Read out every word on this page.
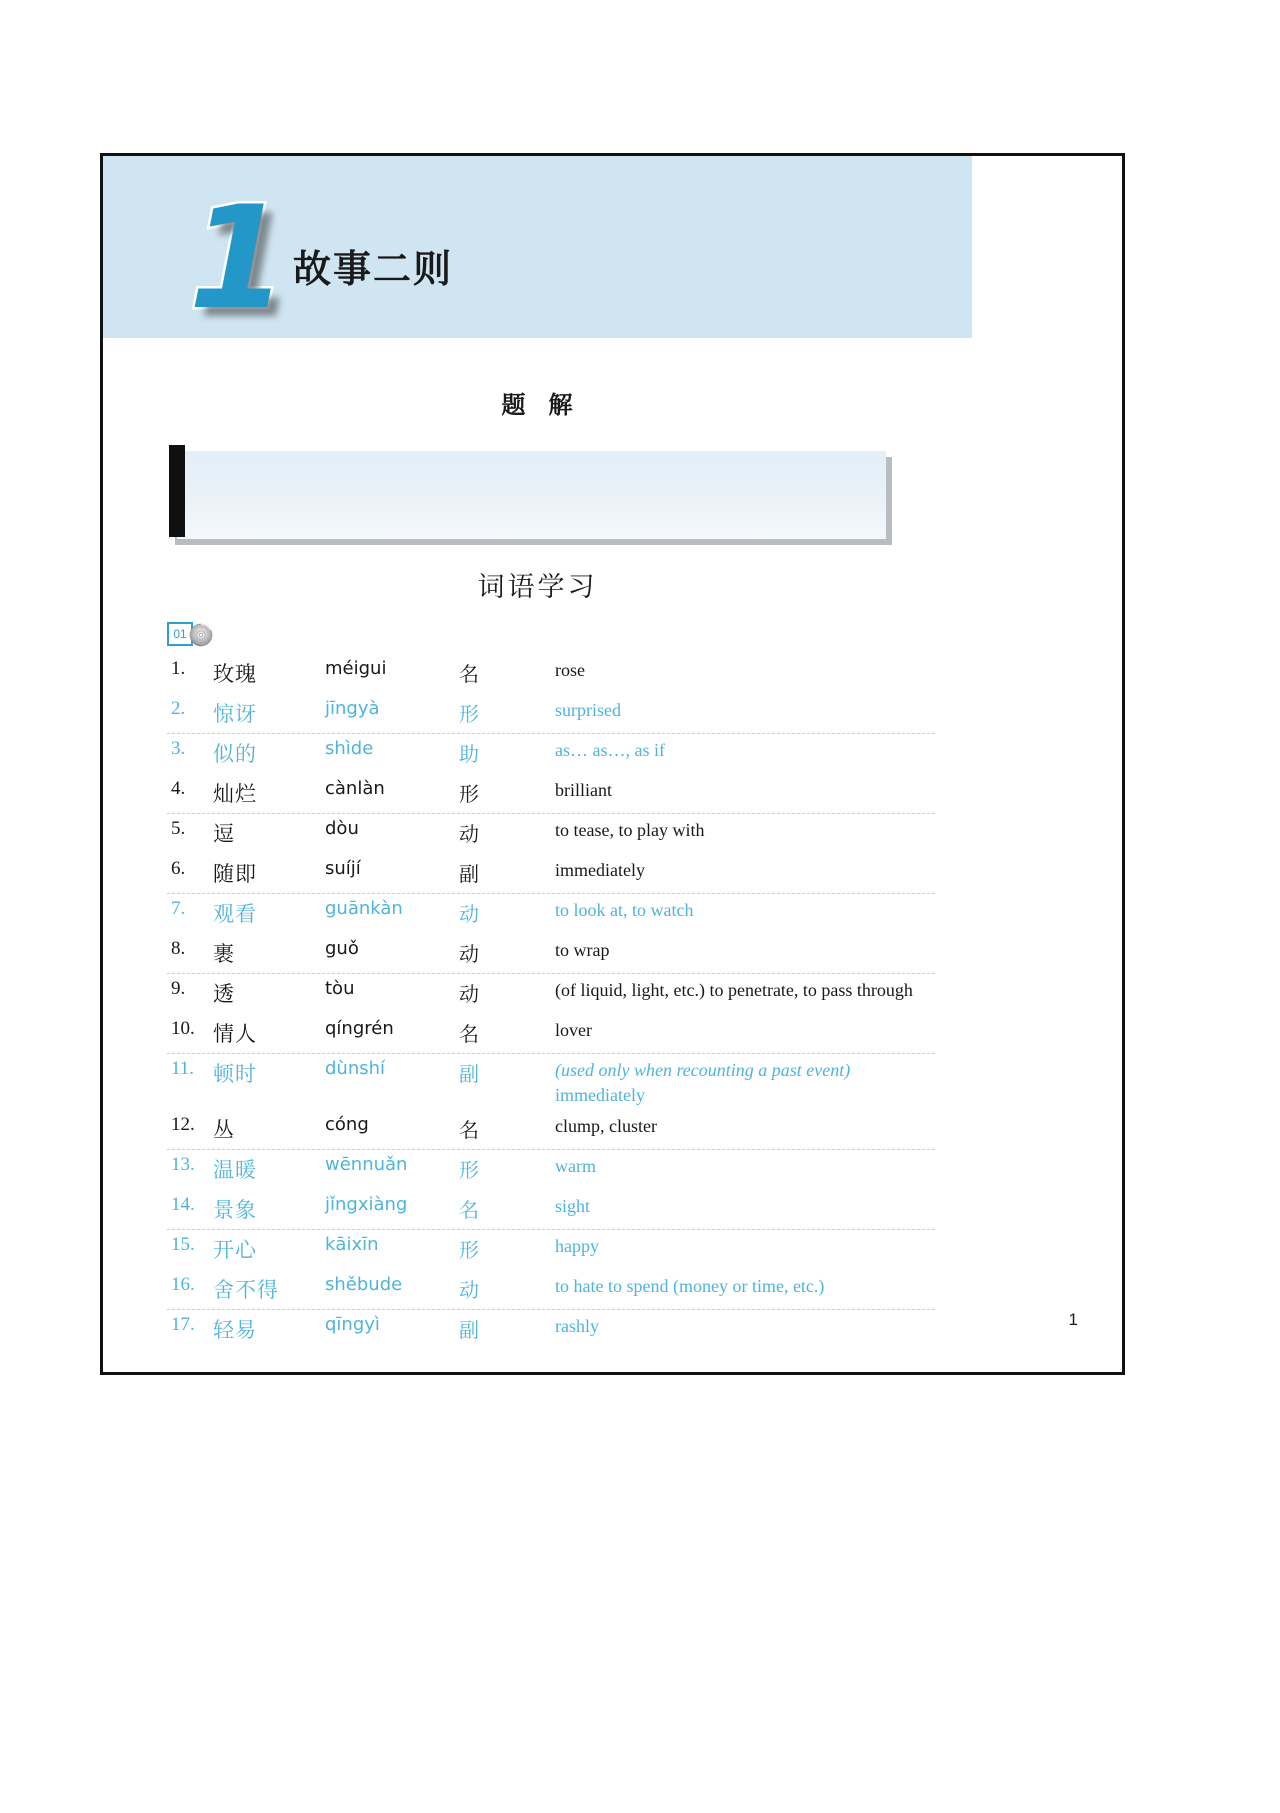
1 故事二则
题 解
词语学习
01
1.	玫瑰	méigui	名	rose
2.	惊讶	jīngyà	形	surprised
3.	似的	shìde	助	as… as…, as if
4.	灿烂	cànlàn	形	brilliant
5.	逗	dòu	动	to tease, to play with
6.	随即	suíjí	副	immediately
7.	观看	guānkàn	动	to look at, to watch
8.	裹	guǒ	动	to wrap
9.	透	tòu	动	(of liquid, light, etc.) to penetrate, to pass through
10. 情人	qíngrén	名	lover
11. 顿时	dùnshí	副	(used only when recounting a past event)
immediately
12. 丛	cóng	名	clump, cluster
13. 温暖	wēnnuǎn	形	warm
14. 景象	jǐngxiàng	名	sight
15. 开心	kāixīn	形	happy
16. 舍不得	shěbude	动	to hate to spend (money or time, etc.)
17. 轻易	qīngyì	副	rashly	1
